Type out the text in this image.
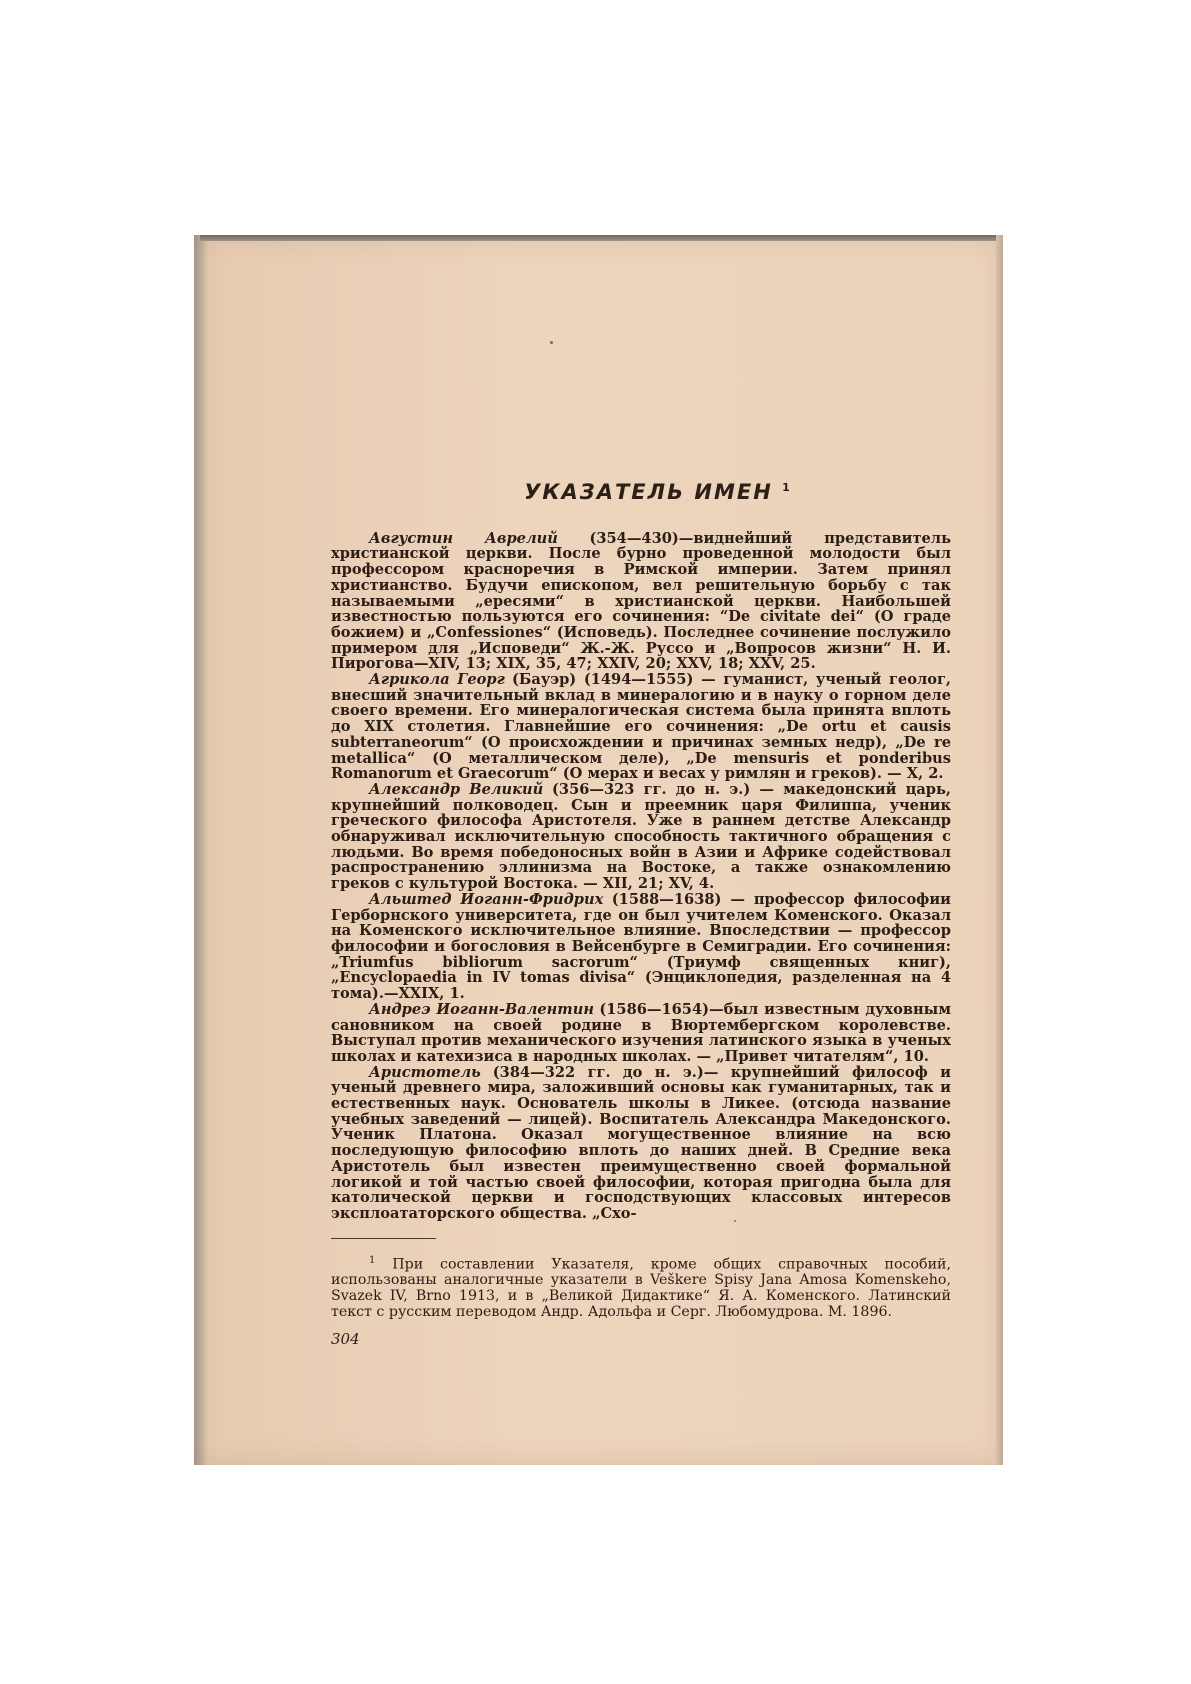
УКАЗАТЕЛЬ ИМЕН $^1$

Августин Аврелий (354—430)—виднейший представитель христианской церкви. После бурно проведенной молодости был профессором красноречия в Римской империи. Затем принял христианство. Будучи епископом, вел решительную борьбу с так называемыми „ересями“ в христианской церкви. Наибольшей известностью пользуются его сочинения: “De civitate dei“ (О граде божием) и „Confessiones“ (Исповедь). Последнее сочинение послужило примером для „Исповеди“ Ж.-Ж. Руссо и „Вопросов жизни“ Н. И. Пирогова—XIV, 13; XIX, 35, 47; XXIV, 20; XXV, 18; XXV, 25.

Агрикола Георг (Бауэр) (1494—1555) — гуманист, ученый геолог, внесший значительный вклад в минералогию и в науку о горном деле своего времени. Его минералогическая система была принята вплоть до XIX столетия. Главнейшие его сочинения: „De ortu et causis subterraneorum“ (О происхождении и причинах земных недр), „De re metallica“ (О металлическом деле), „De mensuris et ponderibus Romanorum et Graecorum“ (О мерах и весах у римлян и греков). — X, 2.

Александр Великий (356—323 гг. до н. э.) — македонский царь, крупнейший полководец. Сын и преемник царя Филиппа, ученик греческого философа Аристотеля. Уже в раннем детстве Александр обнаруживал исключительную способность тактичного обращения с людьми. Во время победоносных войн в Азии и Африке содействовал распространению эллинизма на Востоке, а также ознакомлению греков с культурой Востока. — XII, 21; XV, 4.

Альштед Иоганн-Фридрих (1588—1638) — профессор философии Герборнского университета, где он был учителем Коменского. Оказал на Коменского исключительное влияние. Впоследствии — профессор философии и богословия в Вейсенбурге в Семиградии. Его сочинения: „Triumfus bibliorum sacrorum“ (Триумф священных книг), „Encyclopaedia in IV tomas divisa“ (Энциклопедия, разделенная на 4 тома).—XXIX, 1.

Андреэ Иоганн-Валентин (1586—1654)—был известным духовным сановником на своей родине в Вюртембергском королевстве. Выступал против механического изучения латинского языка в ученых школах и катехизиса в народных школах. — „Привет читателям“, 10.

Аристотель (384—322 гг. до н. э.)— крупнейший философ и ученый древнего мира, заложивший основы как гуманитарных, так и естественных наук. Основатель школы в Ликее. (отсюда название учебных заведений — лицей). Воспитатель Александра Македонского. Ученик Платона. Оказал могущественное влияние на всю последующую философию вплоть до наших дней. В Средние века Аристотель был известен преимущественно своей формальной логикой и той частью своей философии, которая пригодна была для католической церкви и господствующих классовых интересов эксплоататорского общества. „Схо-

$^1$ При составлении Указателя, кроме общих справочных пособий, использованы аналогичные указатели в Veškere Spisy Jana Amosa Komenskeho, Svazek IV, Brno 1913, и в „Великой Дидактике“ Я. А. Коменского. Латинский текст с русским переводом Андр. Адольфа и Серг. Любомудрова. М. 1896.

304
